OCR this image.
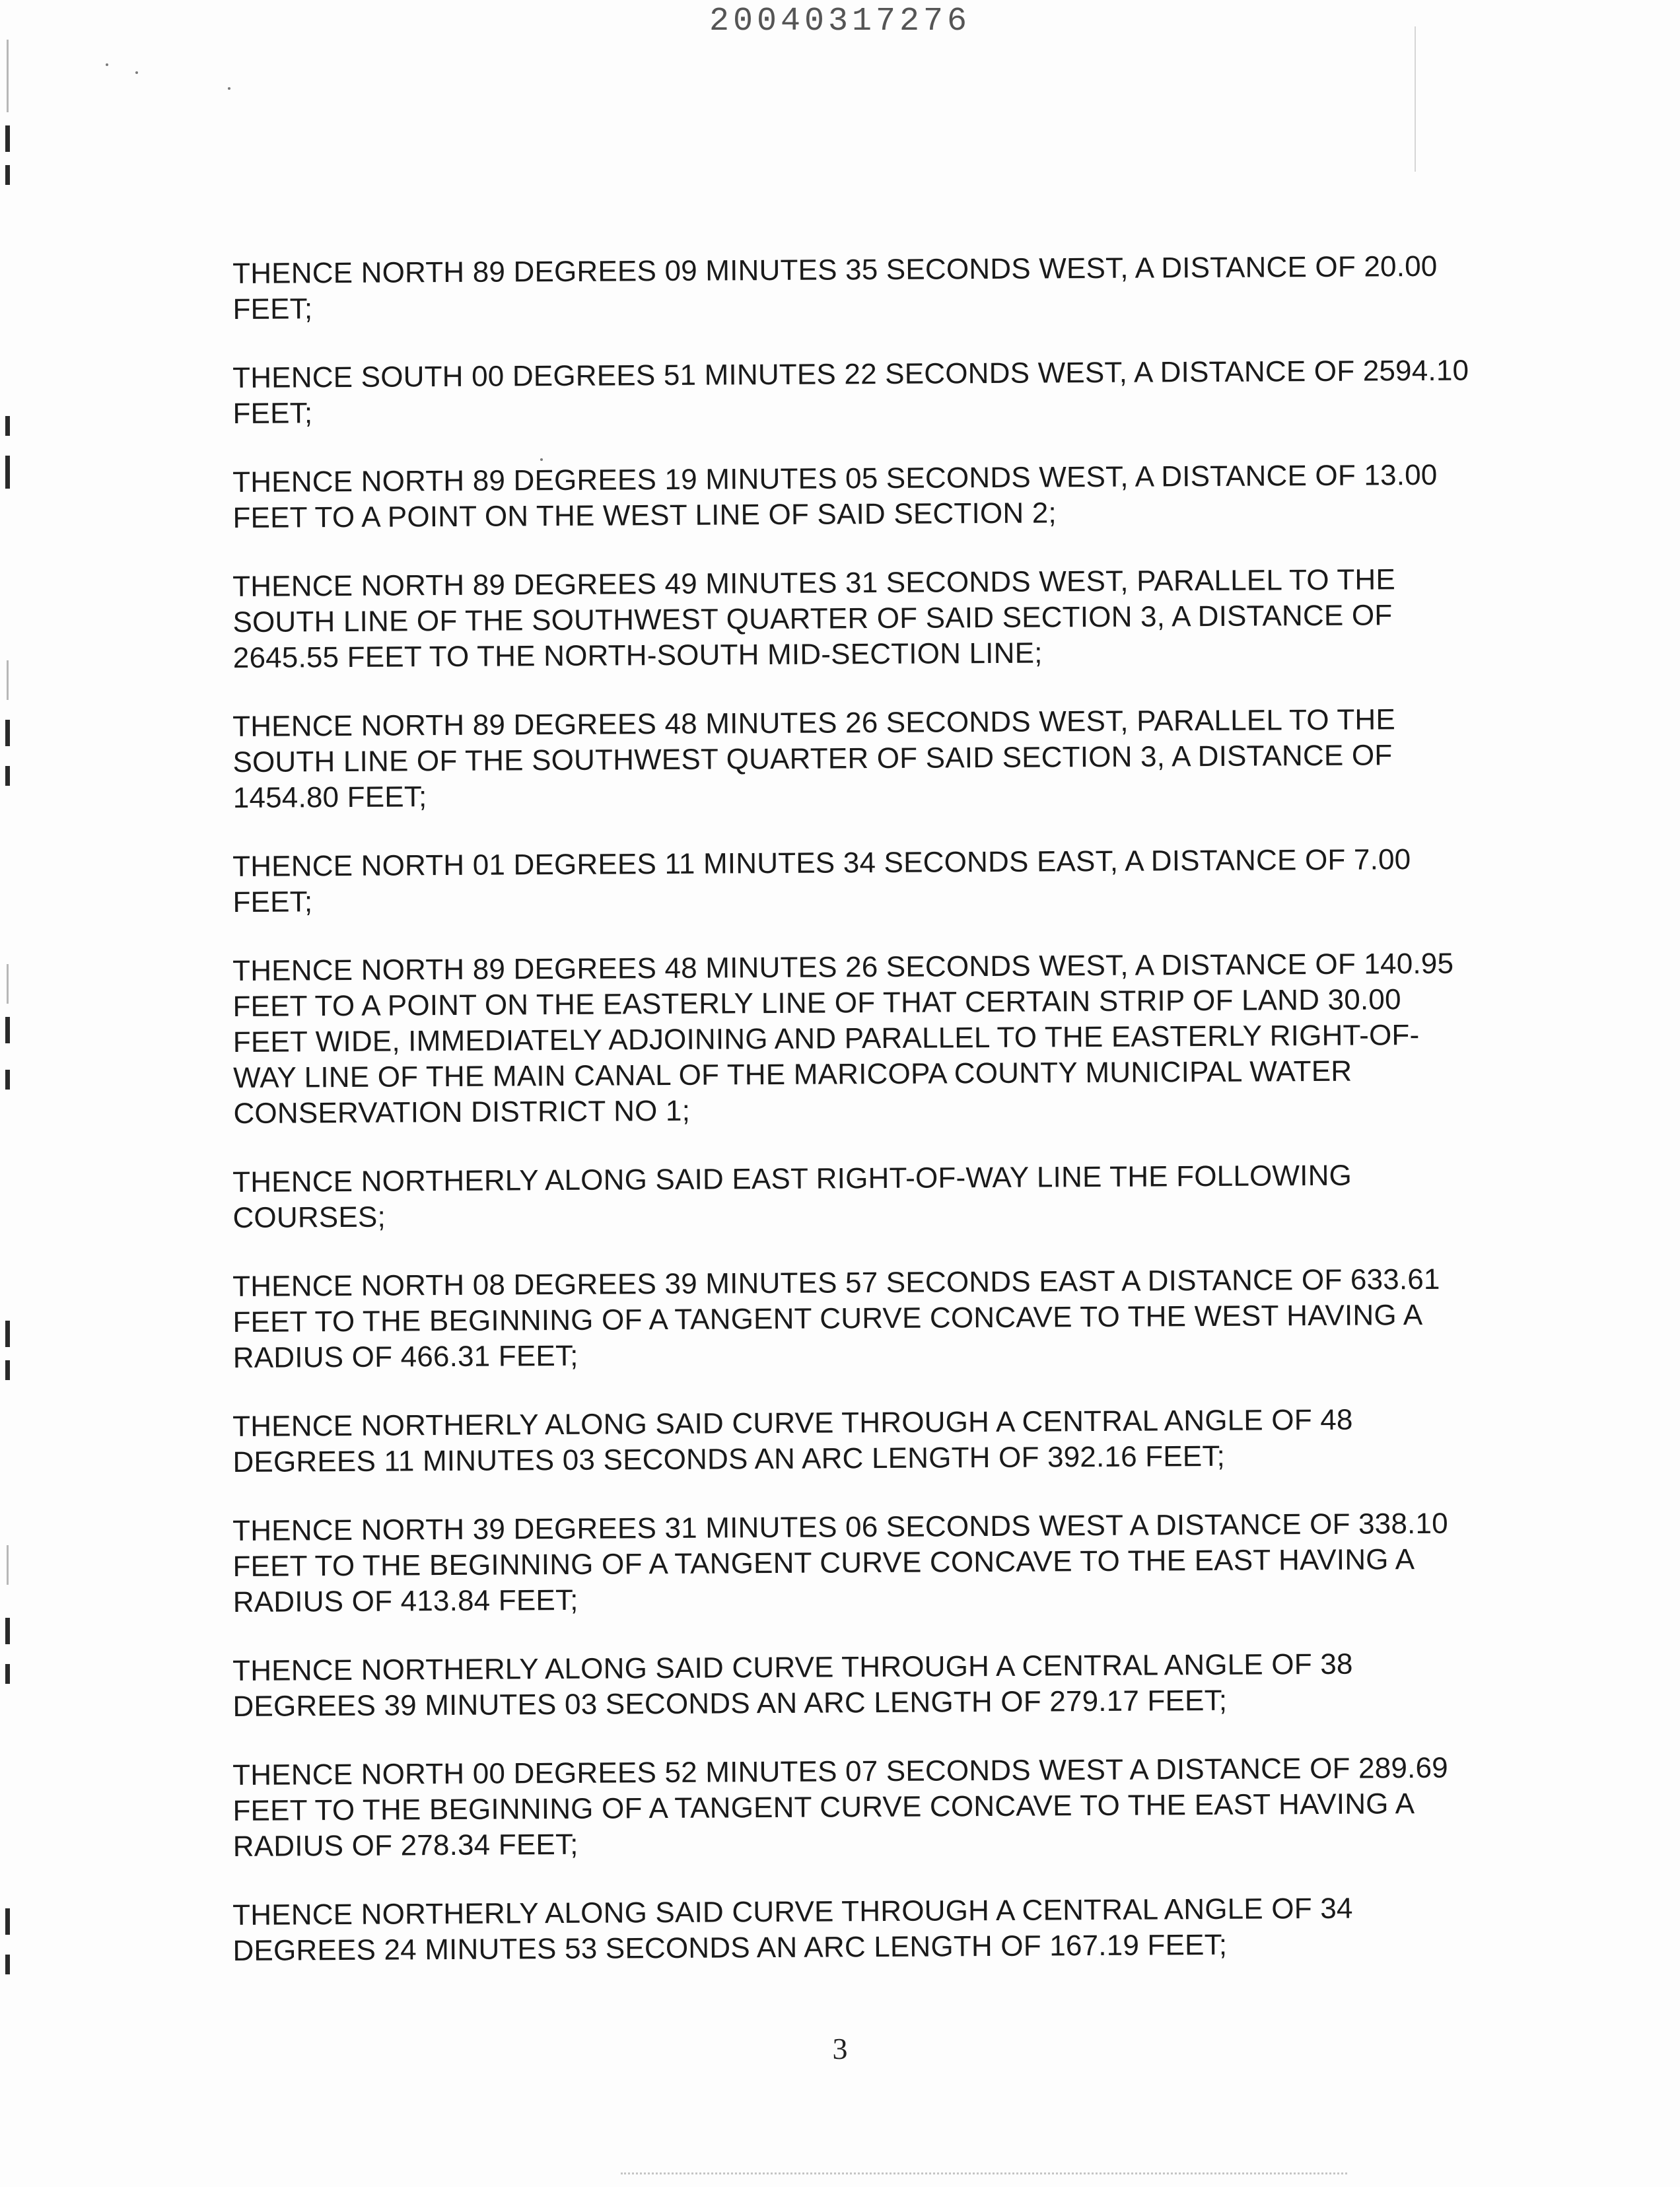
20040317276

THENCE NORTH 89 DEGREES 09 MINUTES 35 SECONDS WEST, A DISTANCE OF 20.00
FEET;

THENCE SOUTH 00 DEGREES 51 MINUTES 22 SECONDS WEST, A DISTANCE OF 2594.10
FEET;

THENCE NORTH 89 DEGREES 19 MINUTES 05 SECONDS WEST, A DISTANCE OF 13.00
FEET TO A POINT ON THE WEST LINE OF SAID SECTION 2;

THENCE NORTH 89 DEGREES 49 MINUTES 31 SECONDS WEST, PARALLEL TO THE
SOUTH LINE OF THE SOUTHWEST QUARTER OF SAID SECTION 3, A DISTANCE OF
2645.55 FEET TO THE NORTH-SOUTH MID-SECTION LINE;

THENCE NORTH 89 DEGREES 48 MINUTES 26 SECONDS WEST, PARALLEL TO THE
SOUTH LINE OF THE SOUTHWEST QUARTER OF SAID SECTION 3, A DISTANCE OF
1454.80 FEET;

THENCE NORTH 01 DEGREES 11 MINUTES 34 SECONDS EAST, A DISTANCE OF 7.00
FEET;

THENCE NORTH 89 DEGREES 48 MINUTES 26 SECONDS WEST, A DISTANCE OF 140.95
FEET TO A POINT ON THE EASTERLY LINE OF THAT CERTAIN STRIP OF LAND 30.00
FEET WIDE, IMMEDIATELY ADJOINING AND PARALLEL TO THE EASTERLY RIGHT-OF-
WAY LINE OF THE MAIN CANAL OF THE MARICOPA COUNTY MUNICIPAL WATER
CONSERVATION DISTRICT NO 1;

THENCE NORTHERLY ALONG SAID EAST RIGHT-OF-WAY LINE THE FOLLOWING
COURSES;

THENCE NORTH 08 DEGREES 39 MINUTES 57 SECONDS EAST A DISTANCE OF 633.61
FEET TO THE BEGINNING OF A TANGENT CURVE CONCAVE TO THE WEST HAVING A
RADIUS OF 466.31 FEET;

THENCE NORTHERLY ALONG SAID CURVE THROUGH A CENTRAL ANGLE OF 48
DEGREES 11 MINUTES 03 SECONDS AN ARC LENGTH OF 392.16 FEET;

THENCE NORTH 39 DEGREES 31 MINUTES 06 SECONDS WEST A DISTANCE OF 338.10
FEET TO THE BEGINNING OF A TANGENT CURVE CONCAVE TO THE EAST HAVING A
RADIUS OF 413.84 FEET;

THENCE NORTHERLY ALONG SAID CURVE THROUGH A CENTRAL ANGLE OF 38
DEGREES 39 MINUTES 03 SECONDS AN ARC LENGTH OF 279.17 FEET;

THENCE NORTH 00 DEGREES 52 MINUTES 07 SECONDS WEST A DISTANCE OF 289.69
FEET TO THE BEGINNING OF A TANGENT CURVE CONCAVE TO THE EAST HAVING A
RADIUS OF 278.34 FEET;

THENCE NORTHERLY ALONG SAID CURVE THROUGH A CENTRAL ANGLE OF 34
DEGREES 24 MINUTES 53 SECONDS AN ARC LENGTH OF 167.19 FEET;

3
